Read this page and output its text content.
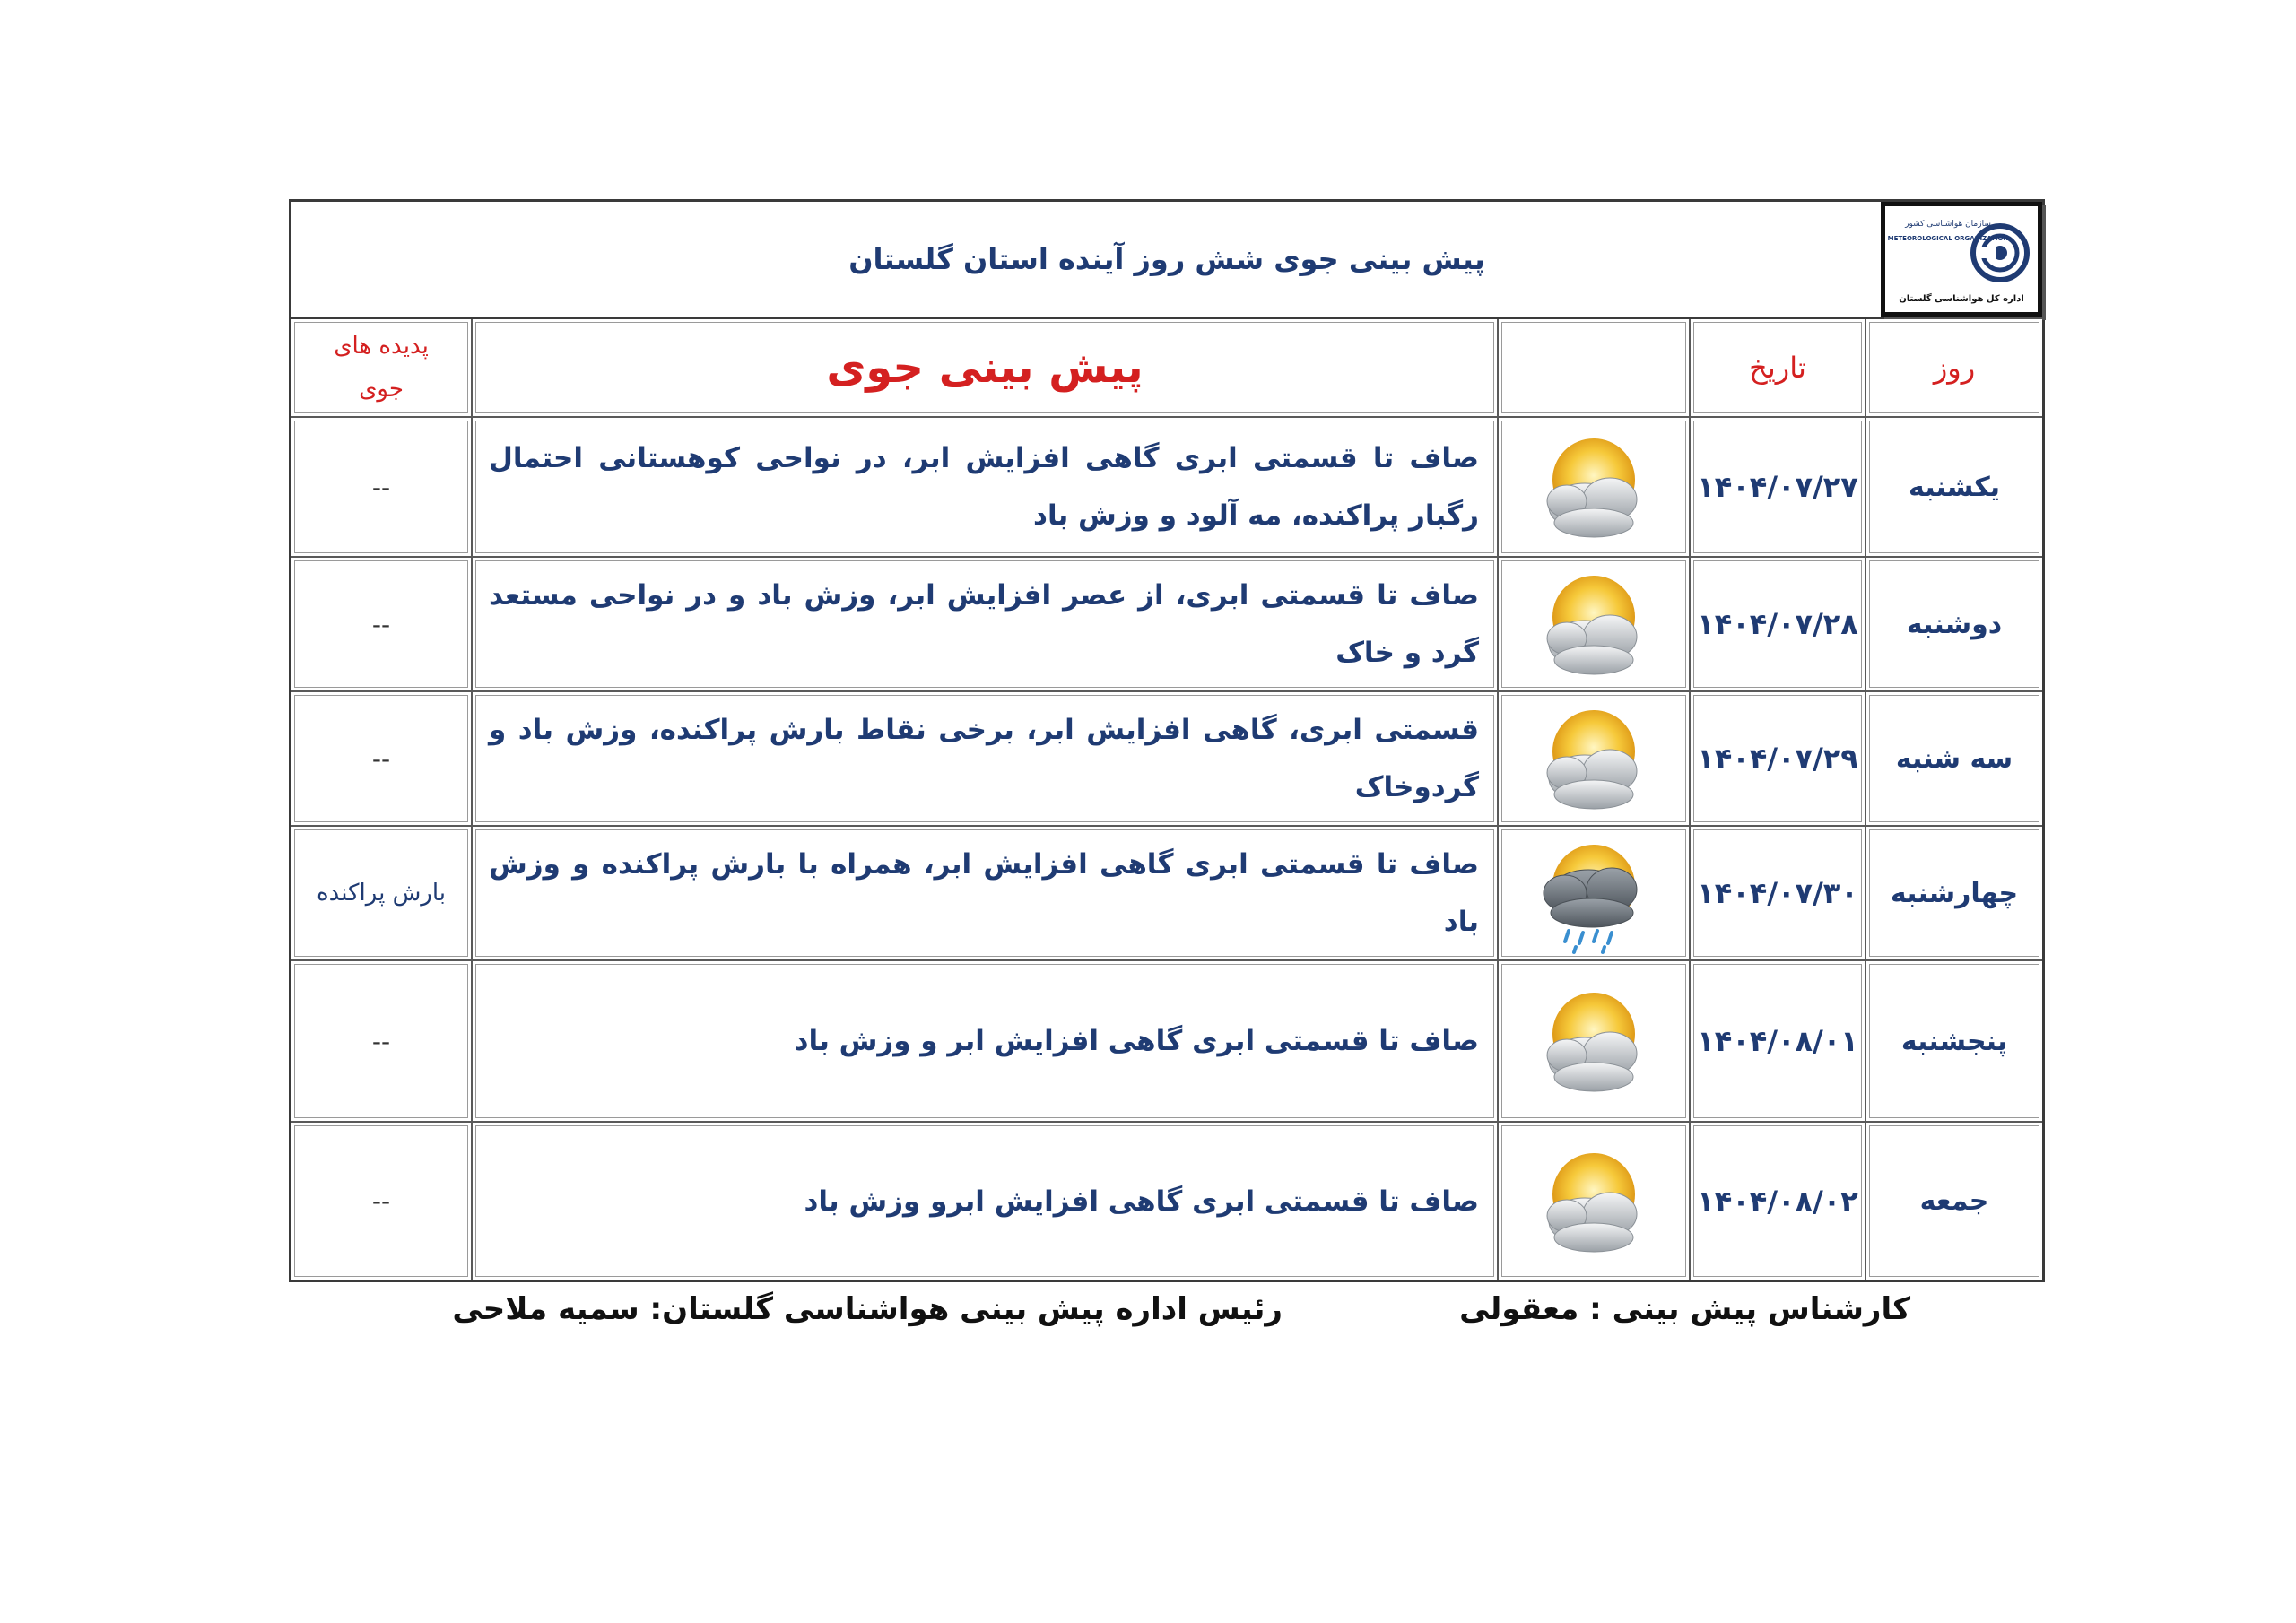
پیش بینی جوی شش روز آینده استان گلستان
سازمان هواشناسی کشور
METEOROLOGICAL ORGANIZATION
اداره کل هواشناسی گلستان
روز
تاریخ
پیش بینی جوی
پدیده های
جوی
یکشنبه
۱۴۰۴/۰۷/۲۷
صاف تا قسمتی ابری گاهی افزایش ابر، در نواحی کوهستانی احتمال رگبار پراکنده، مه آلود و وزش باد
--
دوشنبه
۱۴۰۴/۰۷/۲۸
صاف تا قسمتی ابری، از عصر افزایش ابر، وزش باد و در نواحی مستعد گرد و خاک
--
سه شنبه
۱۴۰۴/۰۷/۲۹
قسمتی ابری، گاهی افزایش ابر، برخی نقاط بارش پراکنده، وزش باد و گردوخاک
--
چهارشنبه
۱۴۰۴/۰۷/۳۰
صاف تا قسمتی ابری گاهی افزایش ابر، همراه با بارش پراکنده و وزش باد
بارش پراکنده
پنجشنبه
۱۴۰۴/۰۸/۰۱
صاف تا قسمتی ابری گاهی افزایش ابر و وزش باد
--
جمعه
۱۴۰۴/۰۸/۰۲
صاف تا قسمتی ابری گاهی افزایش ابرو وزش باد
--
کارشناس پیش بینی : معقولی
رئیس اداره پیش بینی هواشناسی گلستان: سمیه ملاحی
